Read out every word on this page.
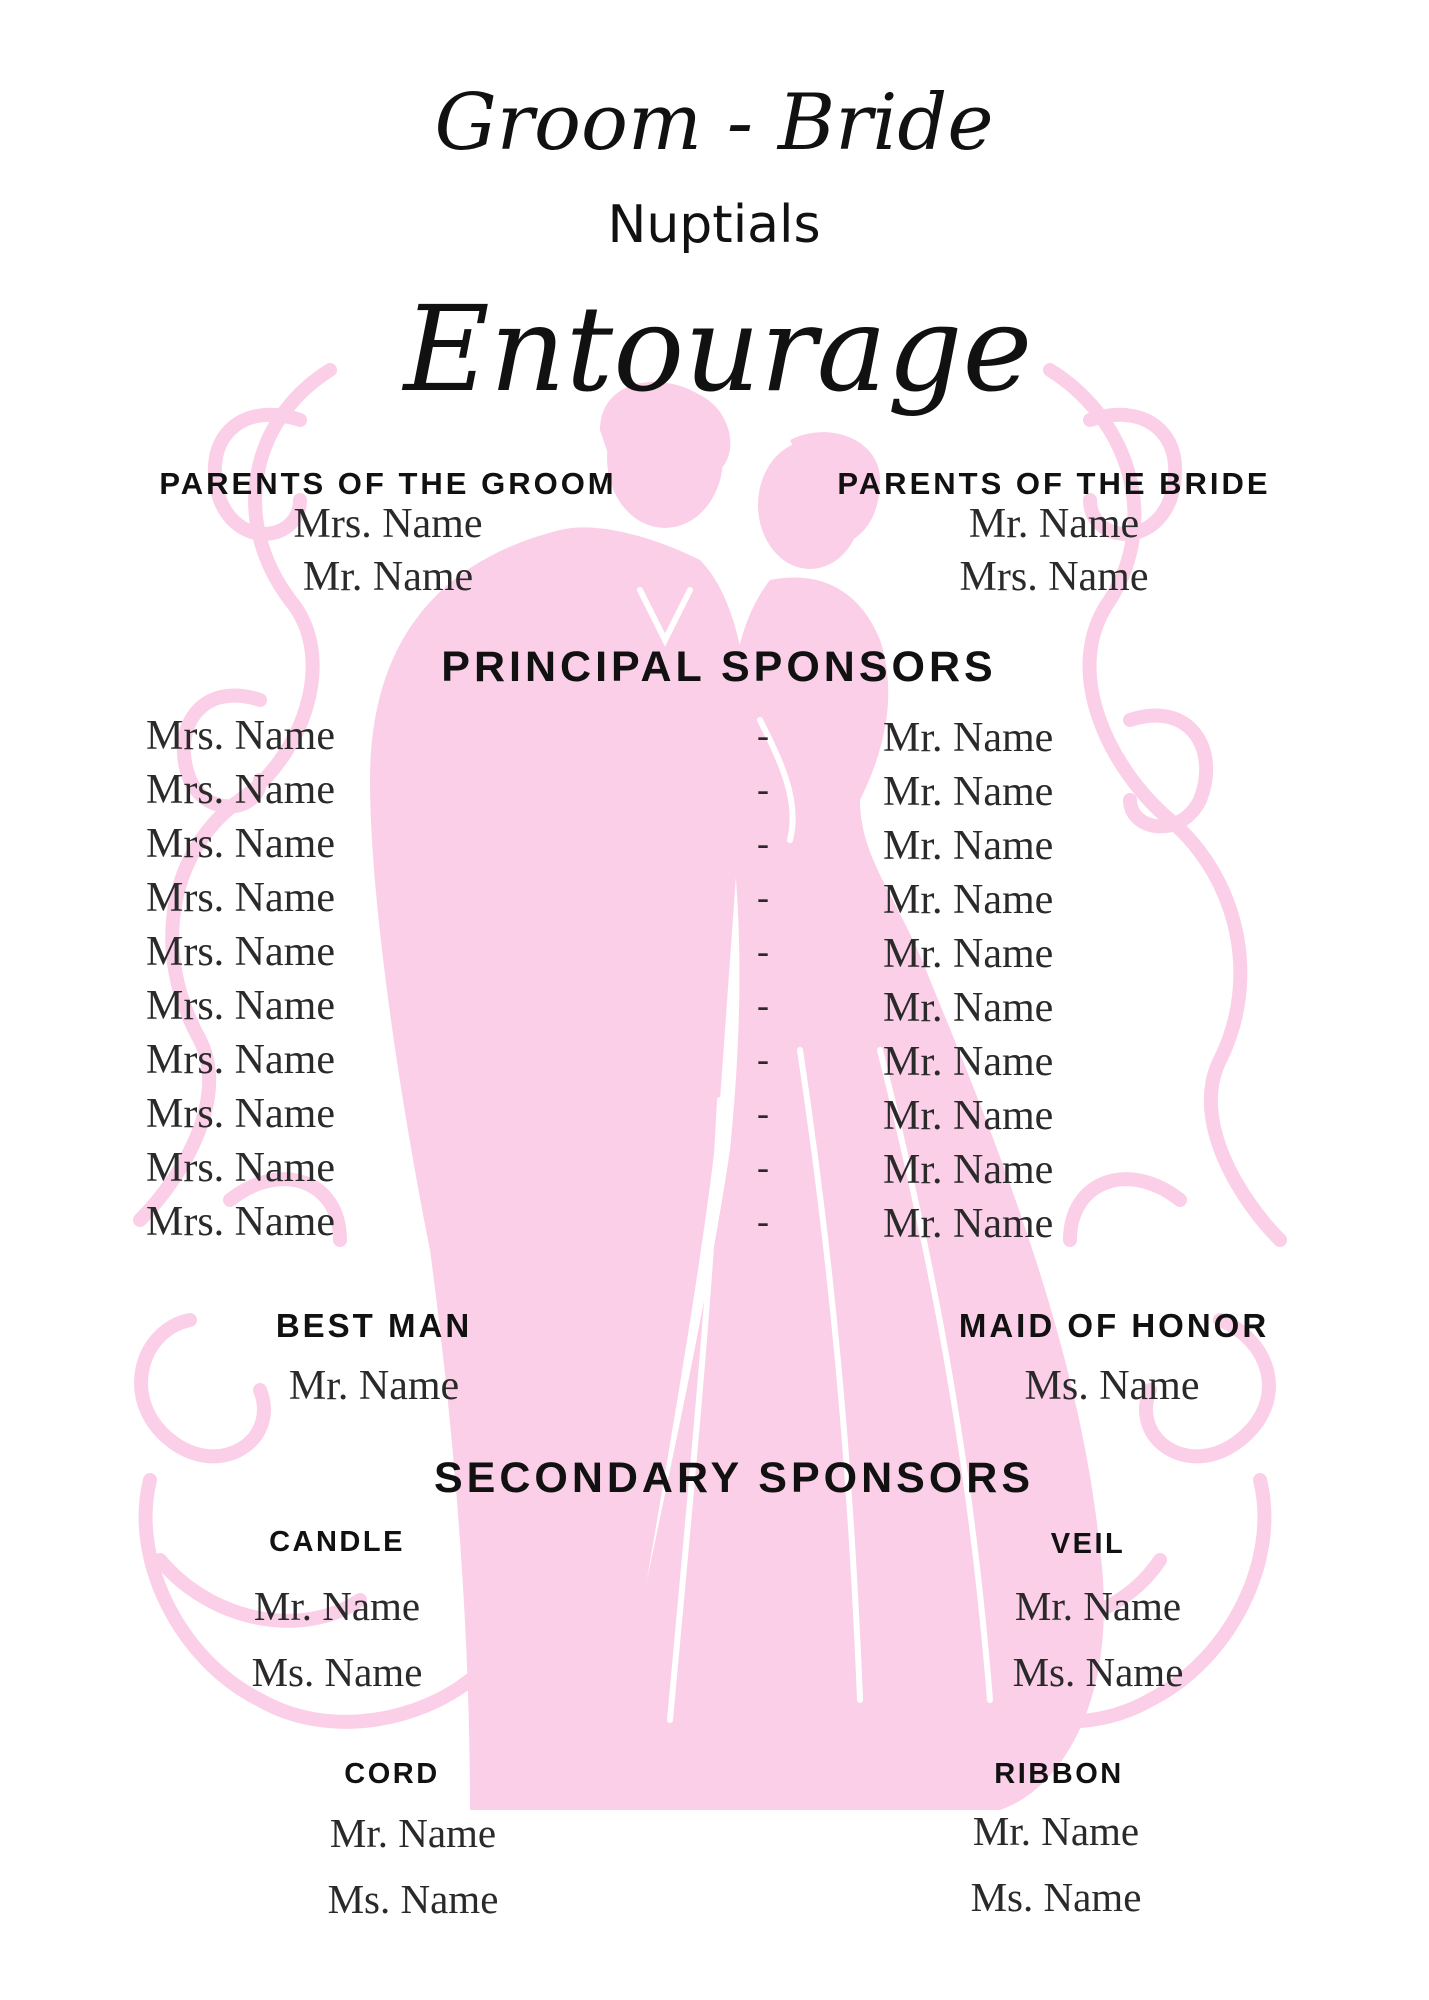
Groom - Bride
Nuptials
Entourage
PARENTS OF THE GROOM
Mrs. Name
Mr. Name
PARENTS OF THE BRIDE
Mr. Name
Mrs. Name
PRINCIPAL SPONSORS
Mrs. Name	-	Mr. Name
Mrs. Name	-	Mr. Name
Mrs. Name	-	Mr. Name
Mrs. Name	-	Mr. Name
Mrs. Name	-	Mr. Name
Mrs. Name	-	Mr. Name
Mrs. Name	-	Mr. Name
Mrs. Name	-	Mr. Name
Mrs. Name	-	Mr. Name
Mrs. Name	-	Mr. Name
BEST MAN
Mr. Name
MAID OF HONOR
Ms. Name
SECONDARY SPONSORS
CANDLE
Mr. Name
Ms. Name
VEIL
Mr. Name
Ms. Name
CORD
Mr. Name
Ms. Name
RIBBON
Mr. Name
Ms. Name
